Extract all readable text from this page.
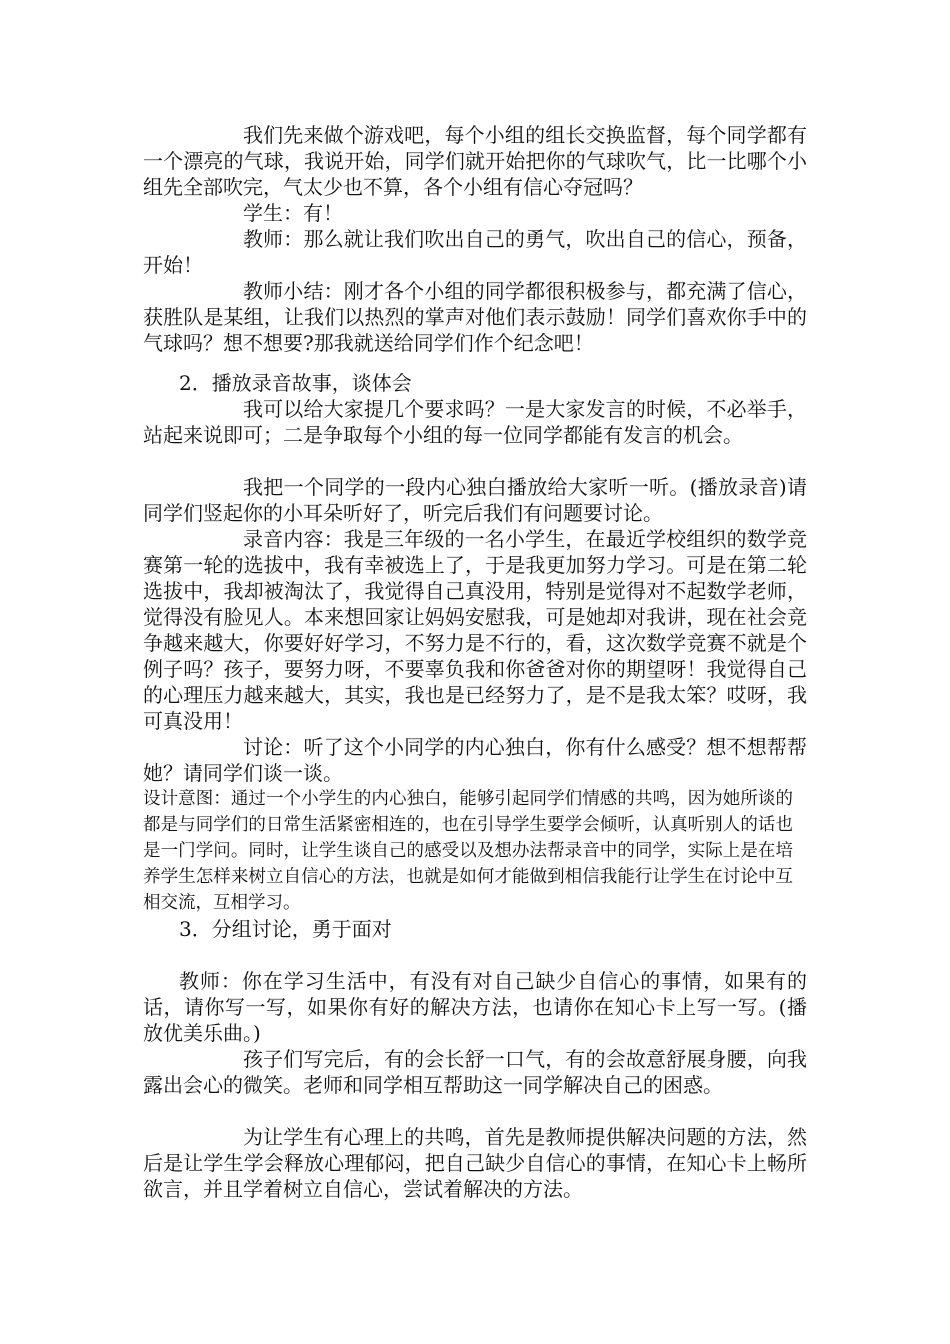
我们先来做个游戏吧，每个小组的组长交换监督，每个同学都有一个漂亮的气球，我说开始，同学们就开始把你的气球吹气，比一比哪个小组先全部吹完，气太少也不算，各个小组有信心夺冠吗？

学生：有！

教师：那么就让我们吹出自己的勇气，吹出自己的信心，预备，开始！

教师小结：刚才各个小组的同学都很积极参与，都充满了信心，获胜队是某组，让我们以热烈的掌声对他们表示鼓励！同学们喜欢你手中的气球吗？想不想要?那我就送给同学们作个纪念吧！

2．播放录音故事，谈体会

我可以给大家提几个要求吗？一是大家发言的时候，不必举手，站起来说即可；二是争取每个小组的每一位同学都能有发言的机会。

我把一个同学的一段内心独白播放给大家听一听。(播放录音)请同学们竖起你的小耳朵听好了，听完后我们有问题要讨论。

录音内容：我是三年级的一名小学生，在最近学校组织的数学竞赛第一轮的选拔中，我有幸被选上了，于是我更加努力学习。可是在第二轮选拔中，我却被淘汰了，我觉得自己真没用，特别是觉得对不起数学老师，觉得没有脸见人。本来想回家让妈妈安慰我，可是她却对我讲，现在社会竞争越来越大，你要好好学习，不努力是不行的，看，这次数学竞赛不就是个例子吗？孩子，要努力呀，不要辜负我和你爸爸对你的期望呀！我觉得自己的心理压力越来越大，其实，我也是已经努力了，是不是我太笨？哎呀，我可真没用！

讨论：听了这个小同学的内心独白，你有什么感受？想不想帮帮她？请同学们谈一谈。

设计意图：通过一个小学生的内心独白，能够引起同学们情感的共鸣，因为她所谈的都是与同学们的日常生活紧密相连的，也在引导学生要学会倾听，认真听别人的话也是一门学问。同时，让学生谈自己的感受以及想办法帮录音中的同学，实际上是在培养学生怎样来树立自信心的方法，也就是如何才能做到相信我能行让学生在讨论中互相交流，互相学习。

3．分组讨论，勇于面对

教师：你在学习生活中，有没有对自己缺少自信心的事情，如果有的话，请你写一写，如果你有好的解决方法，也请你在知心卡上写一写。(播放优美乐曲。)

孩子们写完后，有的会长舒一口气，有的会故意舒展身腰，向我露出会心的微笑。老师和同学相互帮助这一同学解决自己的困惑。

为让学生有心理上的共鸣，首先是教师提供解决问题的方法，然后是让学生学会释放心理郁闷，把自己缺少自信心的事情，在知心卡上畅所欲言，并且学着树立自信心，尝试着解决的方法。
